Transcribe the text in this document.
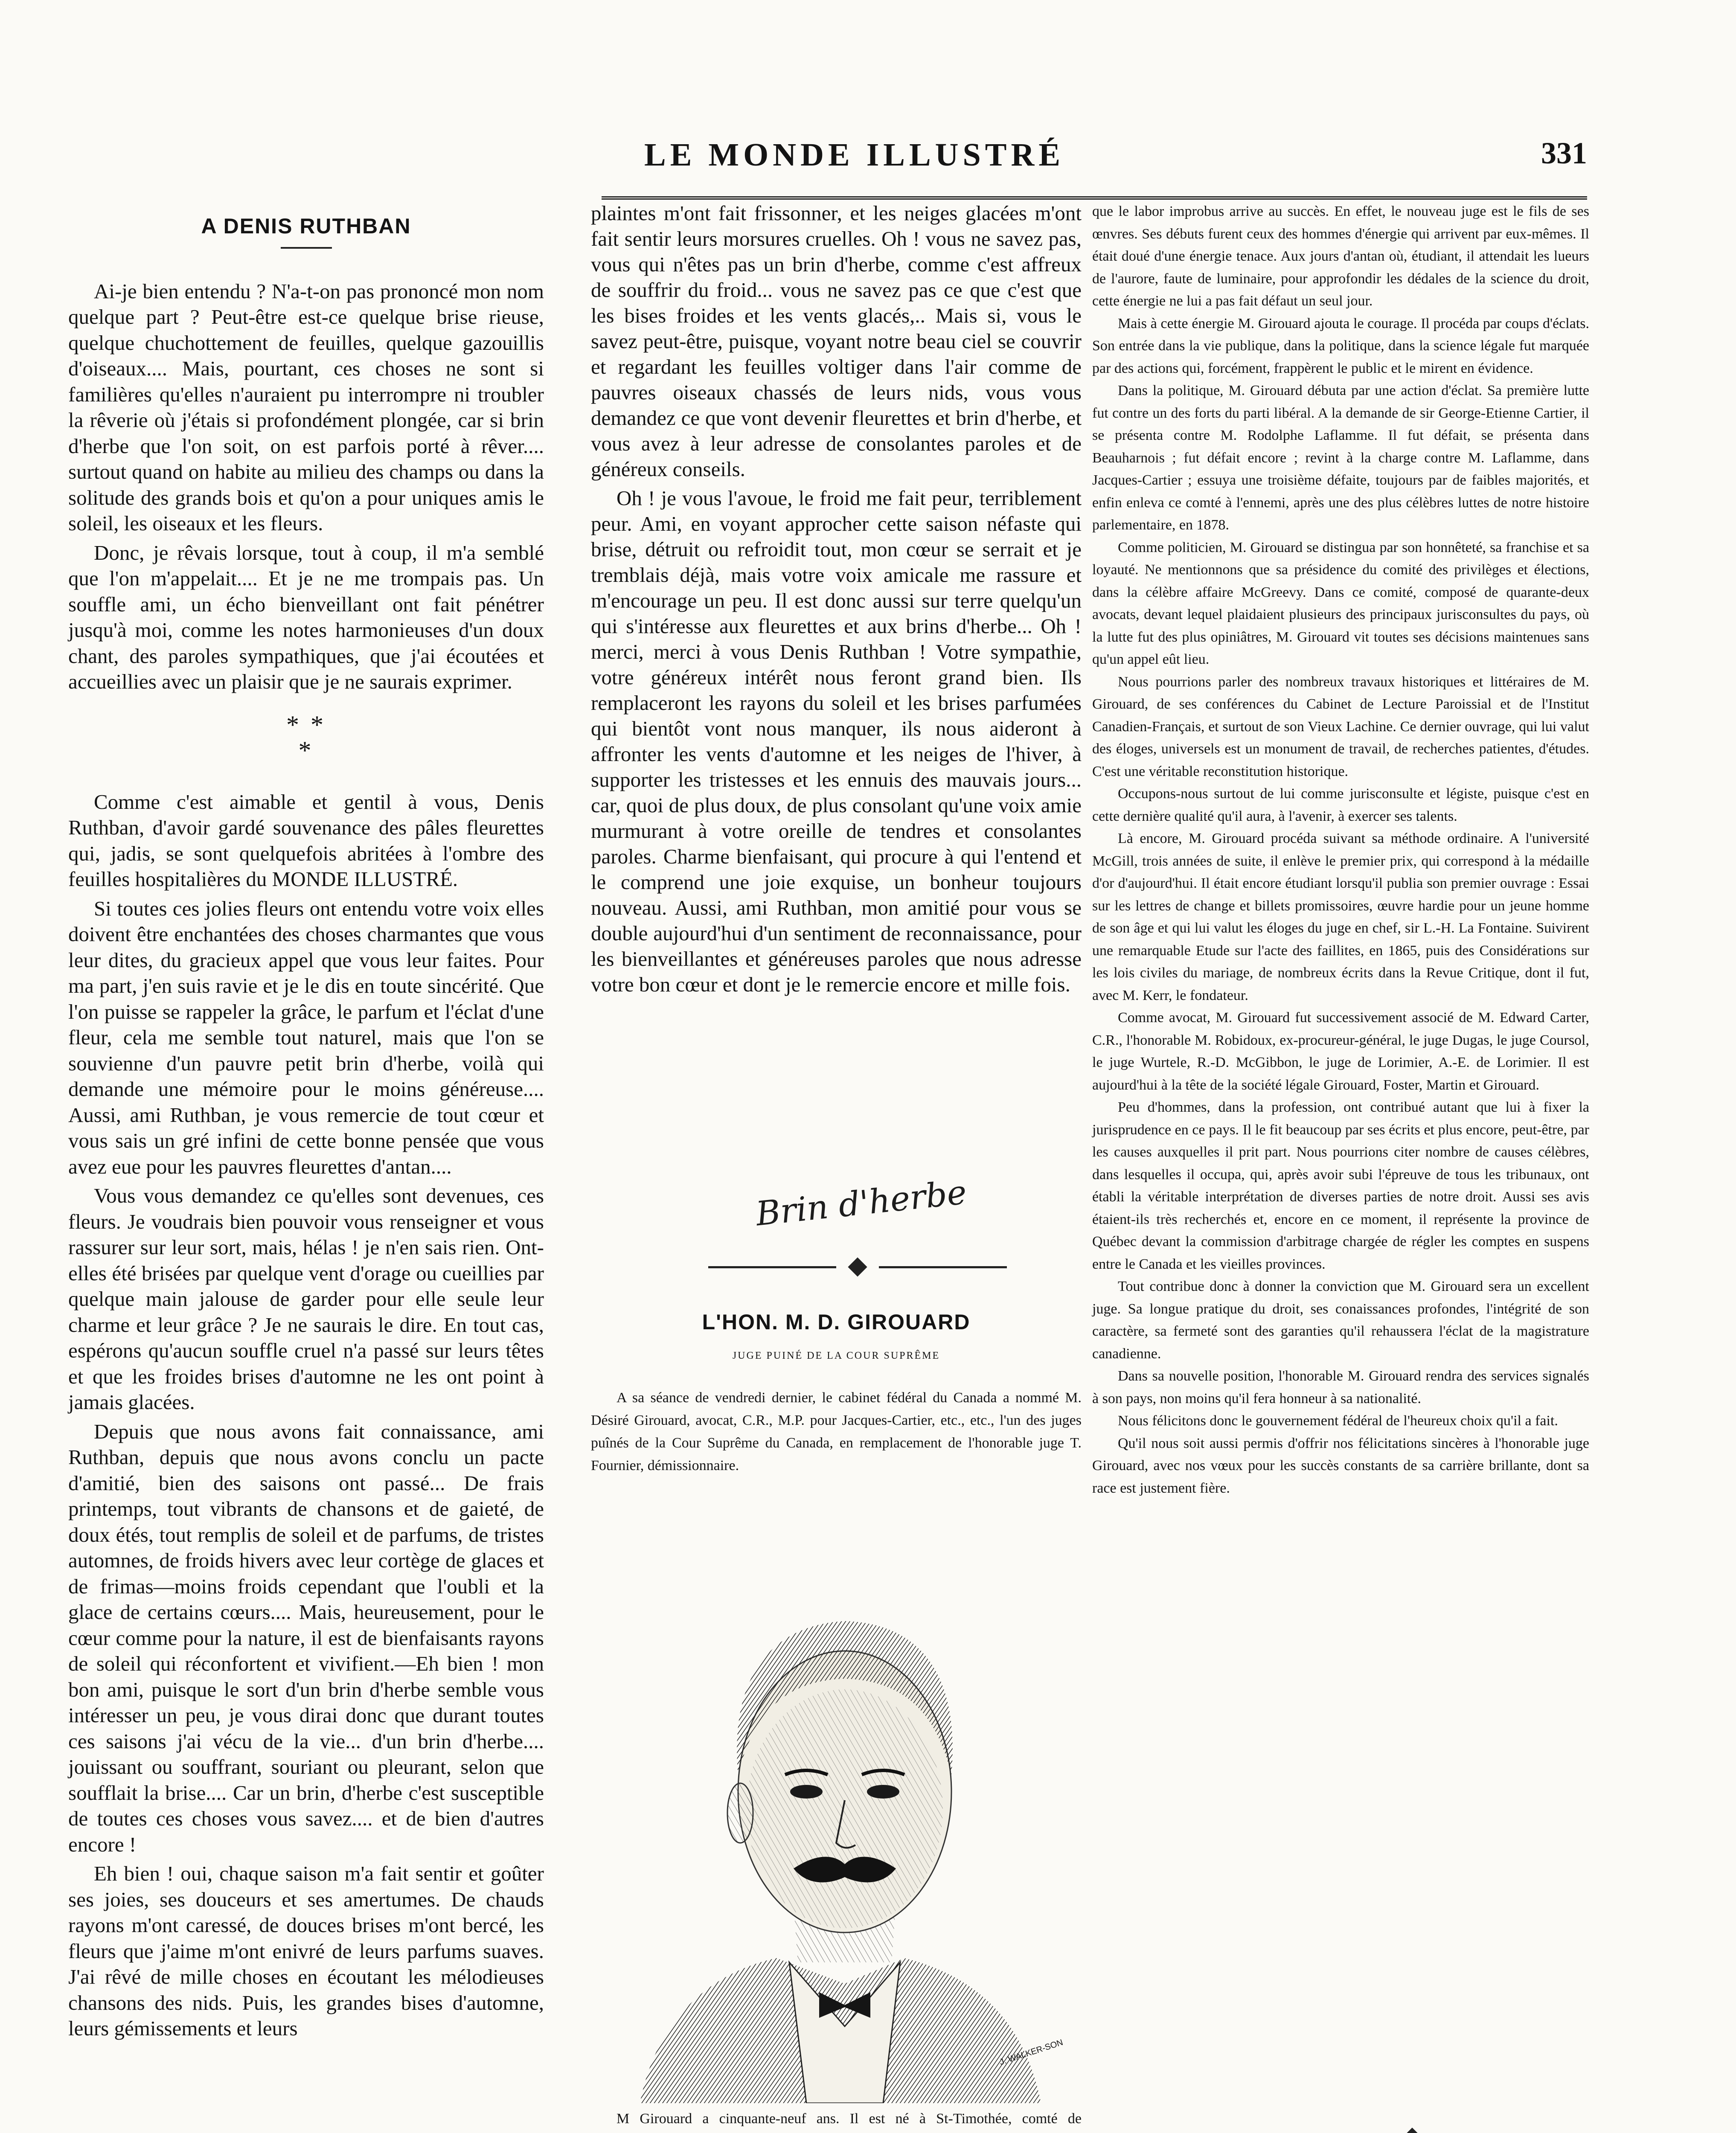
LE MONDE ILLUSTRÉ	331
A DENIS RUTHBAN

Ai-je bien entendu ? N'a-t-on pas prononcé mon nom quelque part ? Peut-être est-ce quelque brise rieuse, quelque chuchottement de feuilles, quelque gazouillis d'oiseaux.... Mais, pourtant, ces choses ne sont si familières qu'elles n'auraient pu interrompre ni troubler la rêverie où j'étais si profondément plongée, car si brin d'herbe que l'on soit, on est parfois porté à rêver.... surtout quand on habite au milieu des champs ou dans la solitude des grands bois et qu'on a pour uniques amis le soleil, les oiseaux et les fleurs.

Donc, je rêvais lorsque, tout à coup, il m'a semblé que l'on m'appelait.... Et je ne me trompais pas. Un souffle ami, un écho bienveillant ont fait pénétrer jusqu'à moi, comme les notes harmonieuses d'un doux chant, des paroles sympathiques, que j'ai écoutées et accueillies avec un plaisir que je ne saurais exprimer.

* *
*

Comme c'est aimable et gentil à vous, Denis Ruthban, d'avoir gardé souvenance des pâles fleurettes qui, jadis, se sont quelquefois abritées à l'ombre des feuilles hospitalières du MONDE ILLUSTRÉ.

Si toutes ces jolies fleurs ont entendu votre voix elles doivent être enchantées des choses charmantes que vous leur dites, du gracieux appel que vous leur faites. Pour ma part, j'en suis ravie et je le dis en toute sincérité. Que l'on puisse se rappeler la grâce, le parfum et l'éclat d'une fleur, cela me semble tout naturel, mais que l'on se souvienne d'un pauvre petit brin d'herbe, voilà qui demande une mémoire pour le moins généreuse.... Aussi, ami Ruthban, je vous remercie de tout cœur et vous sais un gré infini de cette bonne pensée que vous avez eue pour les pauvres fleurettes d'antan....

Vous vous demandez ce qu'elles sont devenues, ces fleurs. Je voudrais bien pouvoir vous renseigner et vous rassurer sur leur sort, mais, hélas ! je n'en sais rien. Ont-elles été brisées par quelque vent d'orage ou cueillies par quelque main jalouse de garder pour elle seule leur charme et leur grâce ? Je ne saurais le dire. En tout cas, espérons qu'aucun souffle cruel n'a passé sur leurs têtes et que les froides brises d'automne ne les ont point à jamais glacées.

Depuis que nous avons fait connaissance, ami Ruthban, depuis que nous avons conclu un pacte d'amitié, bien des saisons ont passé... De frais printemps, tout vibrants de chansons et de gaieté, de doux étés, tout remplis de soleil et de parfums, de tristes automnes, de froids hivers avec leur cortège de glaces et de frimas—moins froids cependant que l'oubli et la glace de certains cœurs.... Mais, heureusement, pour le cœur comme pour la nature, il est de bienfaisants rayons de soleil qui réconfortent et vivifient.—Eh bien ! mon bon ami, puisque le sort d'un brin d'herbe semble vous intéresser un peu, je vous dirai donc que durant toutes ces saisons j'ai vécu de la vie... d'un brin d'herbe.... jouissant ou souffrant, souriant ou pleurant, selon que soufflait la brise.... Car un brin, d'herbe c'est susceptible de toutes ces choses vous savez.... et de bien d'autres encore !

Eh bien ! oui, chaque saison m'a fait sentir et goûter ses joies, ses douceurs et ses amertumes. De chauds rayons m'ont caressé, de douces brises m'ont bercé, les fleurs que j'aime m'ont enivré de leurs parfums suaves. J'ai rêvé de mille choses en écoutant les mélodieuses chansons des nids. Puis, les grandes bises d'automne, leurs gémissements et leurs

plaintes m'ont fait frissonner, et les neiges glacées m'ont fait sentir leurs morsures cruelles. Oh ! vous ne savez pas, vous qui n'êtes pas un brin d'herbe, comme c'est affreux de souffrir du froid... vous ne savez pas ce que c'est que les bises froides et les vents glacés,.. Mais si, vous le savez peut-être, puisque, voyant notre beau ciel se couvrir et regardant les feuilles voltiger dans l'air comme de pauvres oiseaux chassés de leurs nids, vous vous demandez ce que vont devenir fleurettes et brin d'herbe, et vous avez à leur adresse de consolantes paroles et de généreux conseils.

Oh ! je vous l'avoue, le froid me fait peur, terriblement peur. Ami, en voyant approcher cette saison néfaste qui brise, détruit ou refroidit tout, mon cœur se serrait et je tremblais déjà, mais votre voix amicale me rassure et m'encourage un peu. Il est donc aussi sur terre quelqu'un qui s'intéresse aux fleurettes et aux brins d'herbe... Oh ! merci, merci à vous Denis Ruthban ! Votre sympathie, votre généreux intérêt nous feront grand bien. Ils remplaceront les rayons du soleil et les brises parfumées qui bientôt vont nous manquer, ils nous aideront à affronter les vents d'automne et les neiges de l'hiver, à supporter les tristesses et les ennuis des mauvais jours... car, quoi de plus doux, de plus consolant qu'une voix amie murmurant à votre oreille de tendres et consolantes paroles. Charme bienfaisant, qui procure à qui l'entend et le comprend une joie exquise, un bonheur toujours nouveau. Aussi, ami Ruthban, mon amitié pour vous se double aujourd'hui d'un sentiment de reconnaissance, pour les bienveillantes et généreuses paroles que nous adresse votre bon cœur et dont je le remercie encore et mille fois.

Brin d'herbe
L'HON. M. D. GIROUARD
JUGE PUINÉ DE LA COUR SUPRÊME

A sa séance de vendredi dernier, le cabinet fédéral du Canada a nommé M. Désiré Girouard, avocat, C.R., M.P. pour Jacques-Cartier, etc., etc., l'un des juges puînés de la Cour Suprême du Canada, en remplacement de l'honorable juge T. Fournier, démissionnaire.

J. WALKER-SON

M Girouard a cinquante-neuf ans. Il est né à St-Timothée, comté de

que le labor improbus arrive au succès. En effet, le nouveau juge est le fils de ses œnvres. Ses débuts furent ceux des hommes d'énergie qui arrivent par eux-mêmes. Il était doué d'une énergie tenace. Aux jours d'antan où, étudiant, il attendait les lueurs de l'aurore, faute de luminaire, pour approfondir les dédales de la science du droit, cette énergie ne lui a pas fait défaut un seul jour.

Mais à cette énergie M. Girouard ajouta le courage. Il procéda par coups d'éclats. Son entrée dans la vie publique, dans la politique, dans la science légale fut marquée par des actions qui, forcément, frappèrent le public et le mirent en évidence.

Dans la politique, M. Girouard débuta par une action d'éclat. Sa première lutte fut contre un des forts du parti libéral. A la demande de sir George-Etienne Cartier, il se présenta contre M. Rodolphe Laflamme. Il fut défait, se présenta dans Beauharnois ; fut défait encore ; revint à la charge contre M. Laflamme, dans Jacques-Cartier ; essuya une troisième défaite, toujours par de faibles majorités, et enfin enleva ce comté à l'ennemi, après une des plus célèbres luttes de notre histoire parlementaire, en 1878.

Comme politicien, M. Girouard se distingua par son honnêteté, sa franchise et sa loyauté. Ne mentionnons que sa présidence du comité des privilèges et élections, dans la célèbre affaire McGreevy. Dans ce comité, composé de quarante-deux avocats, devant lequel plaidaient plusieurs des principaux jurisconsultes du pays, où la lutte fut des plus opiniâtres, M. Girouard vit toutes ses décisions maintenues sans qu'un appel eût lieu.

Nous pourrions parler des nombreux travaux historiques et littéraires de M. Girouard, de ses conférences du Cabinet de Lecture Paroissial et de l'Institut Canadien-Français, et surtout de son Vieux Lachine. Ce dernier ouvrage, qui lui valut des éloges, universels est un monument de travail, de recherches patientes, d'études. C'est une véritable reconstitution historique.

Occupons-nous surtout de lui comme jurisconsulte et légiste, puisque c'est en cette dernière qualité qu'il aura, à l'avenir, à exercer ses talents.

Là encore, M. Girouard procéda suivant sa méthode ordinaire. A l'université McGill, trois années de suite, il enlève le premier prix, qui correspond à la médaille d'or d'aujourd'hui. Il était encore étudiant lorsqu'il publia son premier ouvrage : Essai sur les lettres de change et billets promissoires, œuvre hardie pour un jeune homme de son âge et qui lui valut les éloges du juge en chef, sir L.-H. La Fontaine. Suivirent une remarquable Etude sur l'acte des faillites, en 1865, puis des Considérations sur les lois civiles du mariage, de nombreux écrits dans la Revue Critique, dont il fut, avec M. Kerr, le fondateur.

Comme avocat, M. Girouard fut successivement associé de M. Edward Carter, C.R., l'honorable M. Robidoux, ex-procureur-général, le juge Dugas, le juge Coursol, le juge Wurtele, R.-D. McGibbon, le juge de Lorimier, A.-E. de Lorimier. Il est aujourd'hui à la tête de la société légale Girouard, Foster, Martin et Girouard.

Peu d'hommes, dans la profession, ont contribué autant que lui à fixer la jurisprudence en ce pays. Il le fit beaucoup par ses écrits et plus encore, peut-être, par les causes auxquelles il prit part. Nous pourrions citer nombre de causes célèbres, dans lesquelles il occupa, qui, après avoir subi l'épreuve de tous les tribunaux, ont établi la véritable interprétation de diverses parties de notre droit. Aussi ses avis étaient-ils très recherchés et, encore en ce moment, il représente la province de Québec devant la commission d'arbitrage chargée de régler les comptes en suspens entre le Canada et les vieilles provinces.

Tout contribue donc à donner la conviction que M. Girouard sera un excellent juge. Sa longue pratique du droit, ses conaissances profondes, l'intégrité de son caractère, sa fermeté sont des garanties qu'il rehaussera l'éclat de la magistrature canadienne.

Dans sa nouvelle position, l'honorable M. Girouard rendra des services signalés à son pays, non moins qu'il fera honneur à sa nationalité.

Nous félicitons donc le gouvernement fédéral de l'heureux choix qu'il a fait.

Qu'il nous soit aussi permis d'offrir nos félicitations sincères à l'honorable juge Girouard, avec nos vœux pour les succès constants de sa carrière brillante, dont sa race est justement fière.
